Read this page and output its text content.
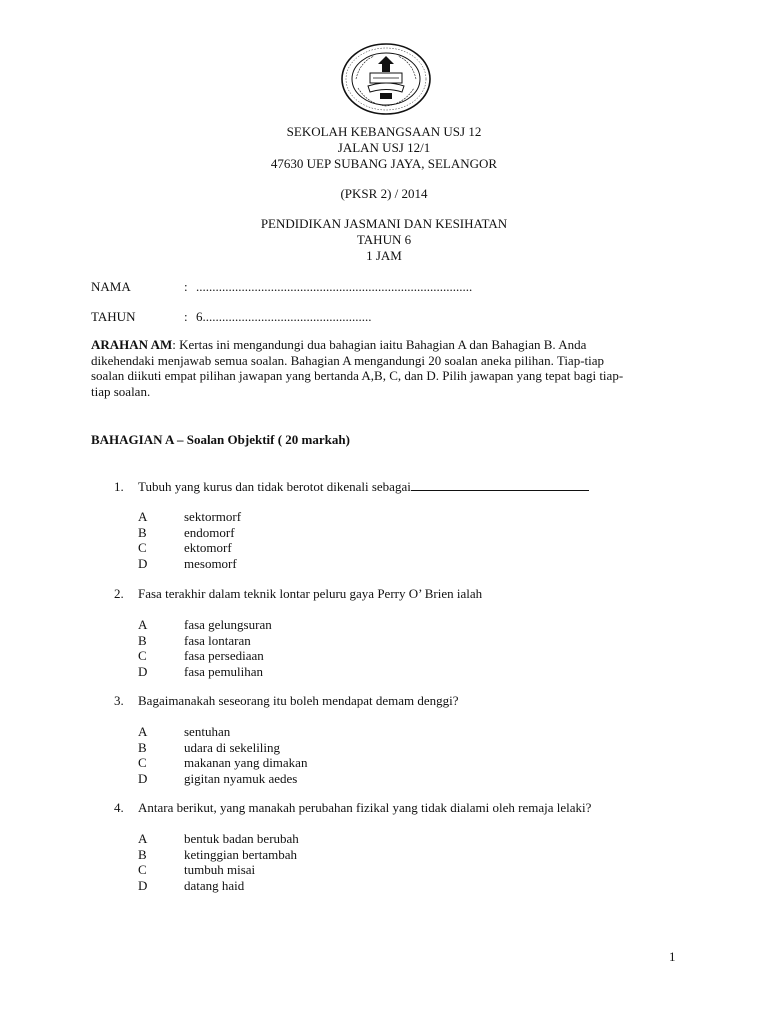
SEKOLAH KEBANGSAAN USJ 12
JALAN USJ 12/1
47630 UEP SUBANG JAYA, SELANGOR
(PKSR 2) / 2014
PENDIDIKAN JASMANI DAN KESIHATAN
TAHUN 6
1 JAM
NAMA	: .....................................................................................
TAHUN	: 6....................................................
ARAHAN AM: Kertas ini mengandungi dua bahagian iaitu Bahagian A dan Bahagian B. Anda
dikehendaki menjawab semua soalan. Bahagian A mengandungi 20 soalan aneka pilihan. Tiap-tiap
soalan diikuti empat pilihan jawapan yang bertanda A,B, C, dan D. Pilih jawapan yang tepat bagi tiap-
tiap soalan.
BAHAGIAN A – Soalan Objektif ( 20 markah)
1. Tubuh yang kurus dan tidak berotot dikenali sebagai
A	sektormorf
B	endomorf
C	ektomorf
D	mesomorf
2. Fasa terakhir dalam teknik lontar peluru gaya Perry O’ Brien ialah
A	fasa gelungsuran
B	fasa lontaran
C	fasa persediaan
D	fasa pemulihan
3. Bagaimanakah seseorang itu boleh mendapat demam denggi?
A	sentuhan
B	udara di sekeliling
C	makanan yang dimakan
D	gigitan nyamuk aedes
4. Antara berikut, yang manakah perubahan fizikal yang tidak dialami oleh remaja lelaki?
A	bentuk badan berubah
B	ketinggian bertambah
C	tumbuh misai
D	datang haid
1
